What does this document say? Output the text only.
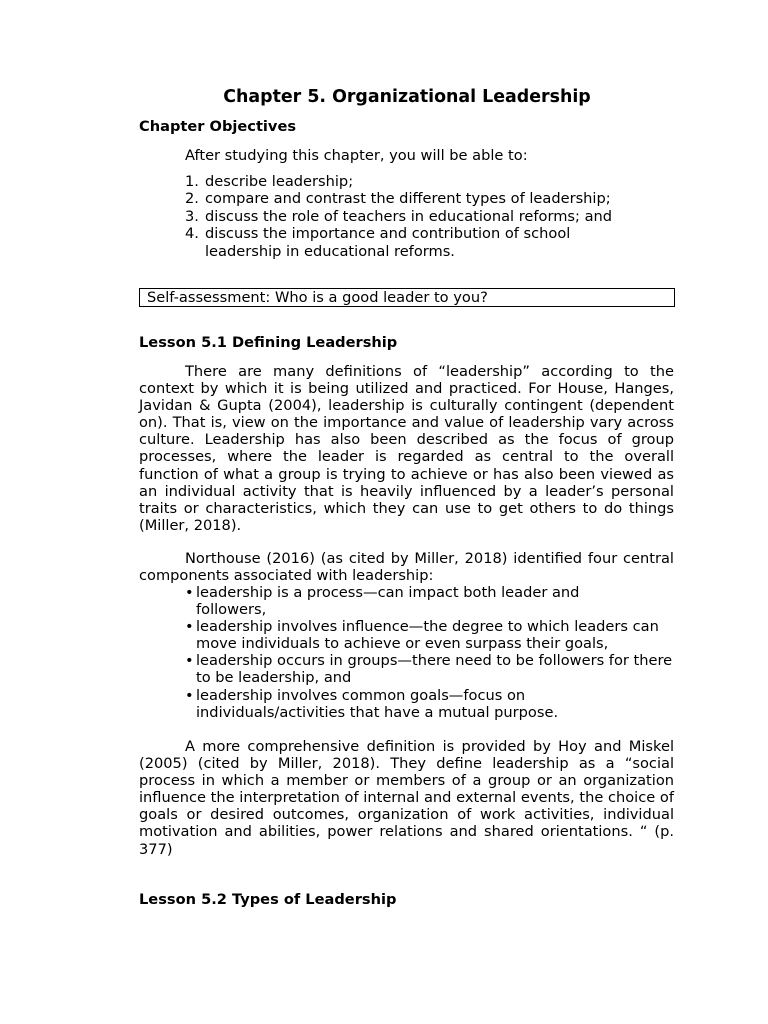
Chapter 5. Organizational Leadership
Chapter Objectives
After studying this chapter, you will be able to:
1. describe leadership;
2. compare and contrast the different types of leadership;
3. discuss the role of teachers in educational reforms; and
4. discuss the importance and contribution of school leadership in educational reforms.
Self-assessment: Who is a good leader to you?
Lesson 5.1 Defining Leadership
There are many definitions of “leadership” according to the context by which it is being utilized and practiced. For House, Hanges, Javidan & Gupta (2004), leadership is culturally contingent (dependent on). That is, view on the importance and value of leadership vary across culture. Leadership has also been described as the focus of group processes, where the leader is regarded as central to the overall function of what a group is trying to achieve or has also been viewed as an individual activity that is heavily influenced by a leader’s personal traits or characteristics, which they can use to get others to do things (Miller, 2018).
Northouse (2016) (as cited by Miller, 2018) identified four central components associated with leadership:
• leadership is a process—can impact both leader and followers,
• leadership involves influence—the degree to which leaders can move individuals to achieve or even surpass their goals,
• leadership occurs in groups—there need to be followers for there to be leadership, and
• leadership involves common goals—focus on individuals/activities that have a mutual purpose.
A more comprehensive definition is provided by Hoy and Miskel (2005) (cited by Miller, 2018). They define leadership as a “social process in which a member or members of a group or an organization influence the interpretation of internal and external events, the choice of goals or desired outcomes, organization of work activities, individual motivation and abilities, power relations and shared orientations. “ (p. 377)
Lesson 5.2 Types of Leadership
